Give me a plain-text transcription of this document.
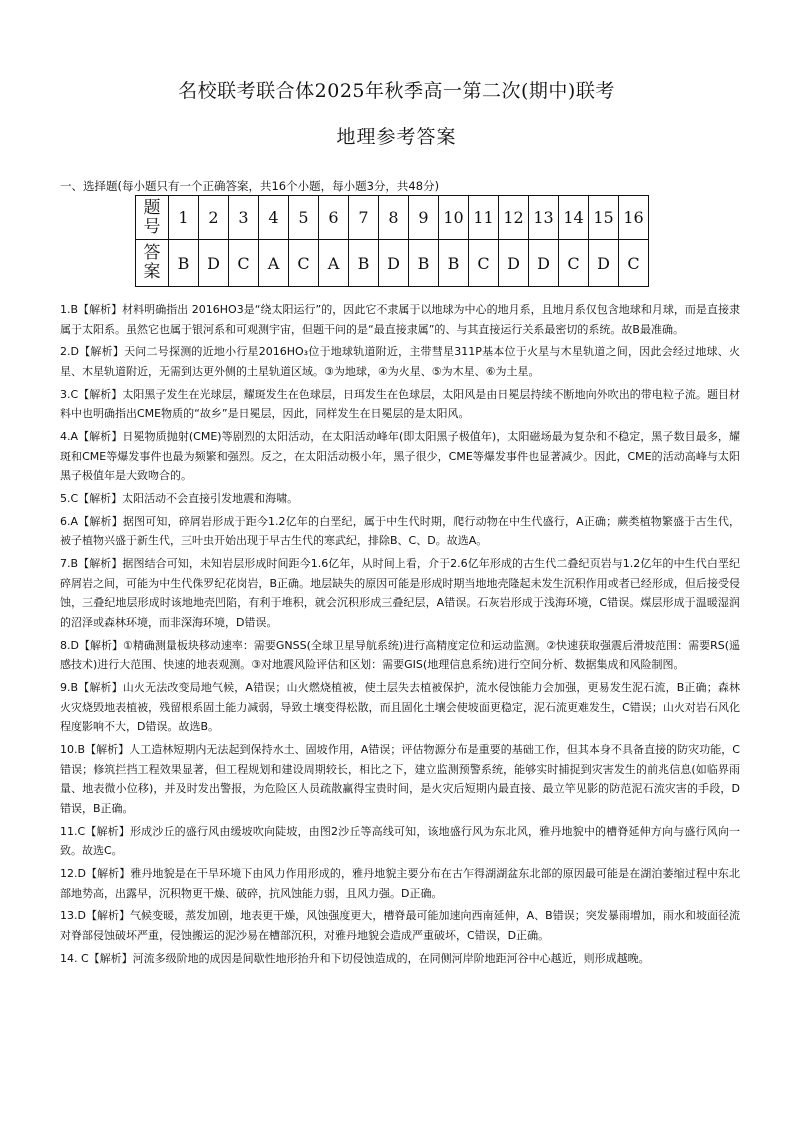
名校联考联合体2025年秋季高一第二次(期中)联考
地理参考答案
一、选择题(每小题只有一个正确答案，共16个小题，每小题3分，共48分)
题号	1	2	3	4	5	6	7	8	9	10	11	12	13	14	15	16
答案	B	D	C	A	C	A	B	D	B	B	C	D	D	C	D	C

1.B【解析】材料明确指出 2016HO3是“绕太阳运行”的，因此它不隶属于以地球为中心的地月系，且地月系仅包含地球和月球，而是直接隶属于太阳系。虽然它也属于银河系和可观测宇宙，但题干问的是“最直接隶属”的、与其直接运行关系最密切的系统。故B最准确。

2.D【解析】天问二号探测的近地小行星2016HO₃位于地球轨道附近，主带彗星311P基本位于火星与木星轨道之间，因此会经过地球、火星、木星轨道附近，无需到达更外侧的土星轨道区域。③为地球，④为火星、⑤为木星、⑥为土星。

3.C【解析】太阳黑子发生在光球层，耀斑发生在色球层，日珥发生在色球层，太阳风是由日冕层持续不断地向外吹出的带电粒子流。题目材料中也明确指出CME物质的“故乡”是日冕层，因此，同样发生在日冕层的是太阳风。

4.A【解析】日冕物质抛射(CME)等剧烈的太阳活动，在太阳活动峰年(即太阳黑子极值年)，太阳磁场最为复杂和不稳定，黑子数目最多，耀斑和CME等爆发事件也最为频繁和强烈。反之，在太阳活动极小年，黑子很少，CME等爆发事件也显著减少。因此，CME的活动高峰与太阳黑子极值年是大致吻合的。

5.C【解析】太阳活动不会直接引发地震和海啸。

6.A【解析】据图可知，碎屑岩形成于距今1.2亿年的白垩纪，属于中生代时期，爬行动物在中生代盛行，A正确；蕨类植物繁盛于古生代，被子植物兴盛于新生代，三叶虫开始出现于早古生代的寒武纪，排除B、C、D。故选A。

7.B【解析】据图结合可知，未知岩层形成时间距今1.6亿年，从时间上看，介于2.6亿年形成的古生代二叠纪页岩与1.2亿年的中生代白垩纪碎屑岩之间，可能为中生代侏罗纪花岗岩，B正确。地层缺失的原因可能是形成时期当地地壳隆起未发生沉积作用或者已经形成，但后接受侵蚀，三叠纪地层形成时该地地壳凹陷，有利于堆积，就会沉积形成三叠纪层，A错误。石灰岩形成于浅海环境，C错误。煤层形成于温暖湿润的沼泽或森林环境，而非深海环境，D错误。

8.D【解析】①精确测量板块移动速率：需要GNSS(全球卫星导航系统)进行高精度定位和运动监测。②快速获取强震后滑坡范围：需要RS(遥感技术)进行大范围、快速的地表观测。③对地震风险评估和区划：需要GIS(地理信息系统)进行空间分析、数据集成和风险制图。

9.B【解析】山火无法改变局地气候，A错误；山火燃烧植被，使土层失去植被保护，流水侵蚀能力会加强，更易发生泥石流，B正确；森林火灾烧毁地表植被，残留根系固土能力减弱，导致土壤变得松散，而且固化土壤会使坡面更稳定，泥石流更难发生，C错误；山火对岩石风化程度影响不大，D错误。故选B。

10.B【解析】人工造林短期内无法起到保持水土、固坡作用，A错误；评估物源分布是重要的基础工作，但其本身不具备直接的防灾功能，C错误；修筑拦挡工程效果显著，但工程规划和建设周期较长，相比之下，建立监测预警系统，能够实时捕捉到灾害发生的前兆信息(如临界雨量、地表微小位移)，并及时发出警报，为危险区人员疏散赢得宝贵时间，是火灾后短期内最直接、最立竿见影的防范泥石流灾害的手段，D错误，B正确。

11.C【解析】形成沙丘的盛行风由缓坡吹向陡坡，由图2沙丘等高线可知，该地盛行风为东北风，雅丹地貌中的槽脊延伸方向与盛行风向一致。故选C。

12.D【解析】雅丹地貌是在干旱环境下由风力作用形成的，雅丹地貌主要分布在古乍得湖湖盆东北部的原因最可能是在湖泊萎缩过程中东北部地势高，出露早，沉积物更干燥、破碎，抗风蚀能力弱，且风力强。D正确。

13.D【解析】气候变暖，蒸发加剧，地表更干燥，风蚀强度更大，槽脊最可能加速向西南延伸，A、B错误；突发暴雨增加，雨水和坡面径流对脊部侵蚀破坏严重，侵蚀搬运的泥沙易在槽部沉积，对雅丹地貌会造成严重破坏，C错误，D正确。

14. C【解析】河流多级阶地的成因是间歇性地形抬升和下切侵蚀造成的，在同侧河岸阶地距河谷中心越近，则形成越晚。
